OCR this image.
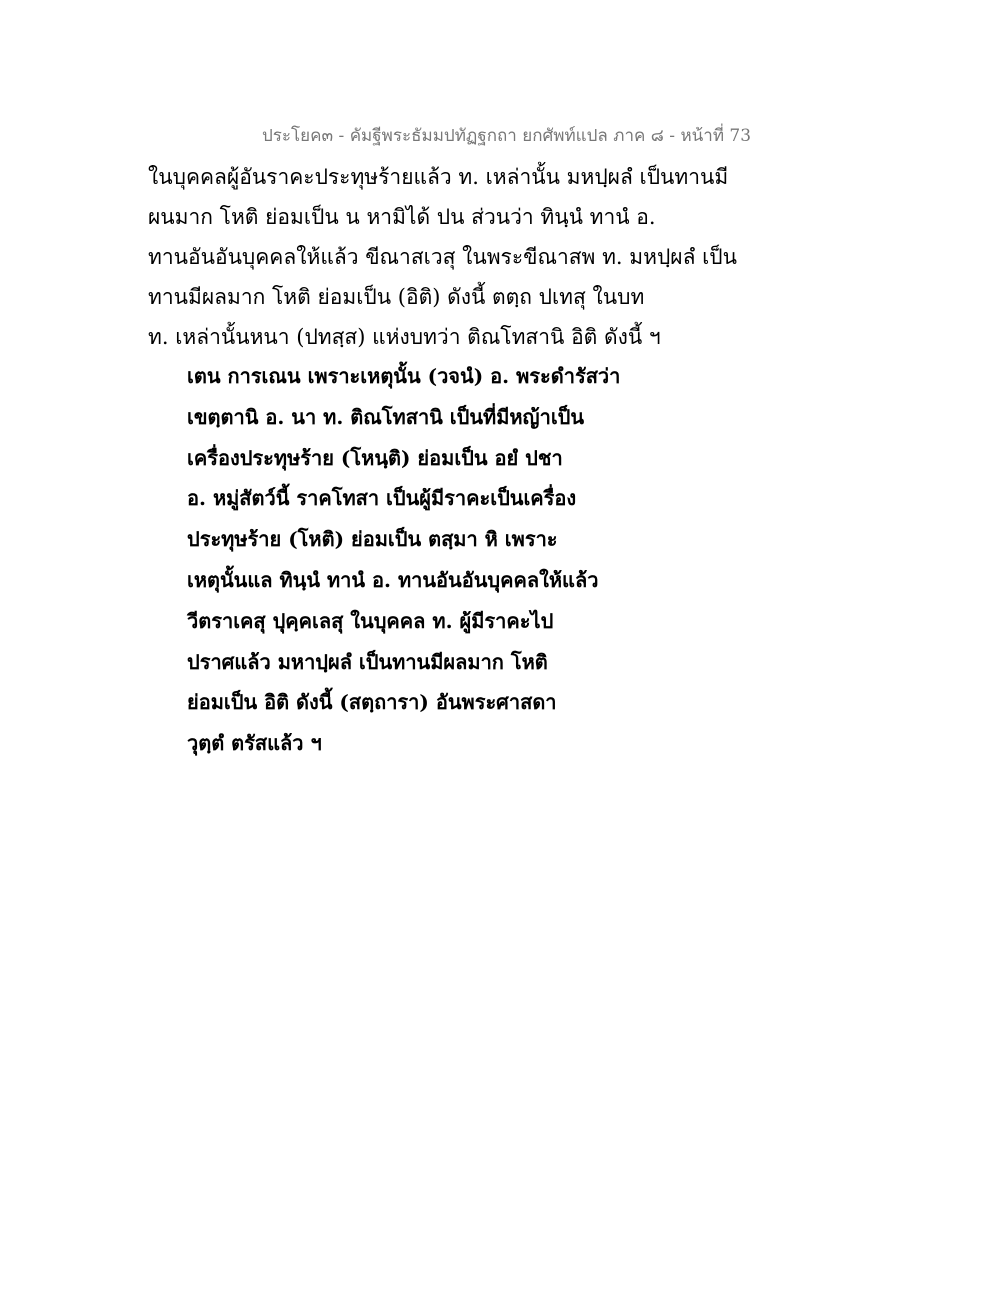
ประโยค๓ - คัมฐีพระธัมมปทัฏฐกถา ยกศัพท์แปล ภาค ๘ - หน้าที่ 73
ในบุคคลผู้อันราคะประทุษร้ายแล้ว ท. เหล่านั้น มหปฺผลํ เป็นทานมี
ผนมาก โหติ ย่อมเป็น น หามิได้ ปน ส่วนว่า ทินฺนํ ทานํ อ.
ทานอันอันบุคคลให้แล้ว ขีณาสเวสุ ในพระขีณาสพ ท. มหปฺผลํ เป็น
ทานมีผลมาก โหติ ย่อมเป็น (อิติ) ดังนี้ ตตฺถ ปเทสุ ในบท
ท. เหล่านั้นหนา (ปทสฺส) แห่งบทว่า ติณโทสานิ อิติ ดังนี้ ฯ
เตน การเณน เพราะเหตุนั้น (วจนํ) อ. พระดำรัสว่า
เขตฺตานิ อ. นา ท. ติณโทสานิ เป็นที่มีหญ้าเป็น
เครื่องประทุษร้าย (โหนฺติ) ย่อมเป็น อยํ ปชา
อ. หมู่สัตว์นี้ ราคโทสา เป็นผู้มีราคะเป็นเครื่อง
ประทุษร้าย (โหติ) ย่อมเป็น ตสฺมา หิ เพราะ
เหตุนั้นแล ทินฺนํ ทานํ อ. ทานอันอันบุคคลให้แล้ว
วีตราเคสุ ปุคฺคเลสุ ในบุคคล ท. ผู้มีราคะไป
ปราศแล้ว มหาปฺผลํ เป็นทานมีผลมาก โหติ
ย่อมเป็น อิติ ดังนี้ (สตฺถารา) อันพระศาสดา
วุตฺตํ ตรัสแล้ว ฯ
